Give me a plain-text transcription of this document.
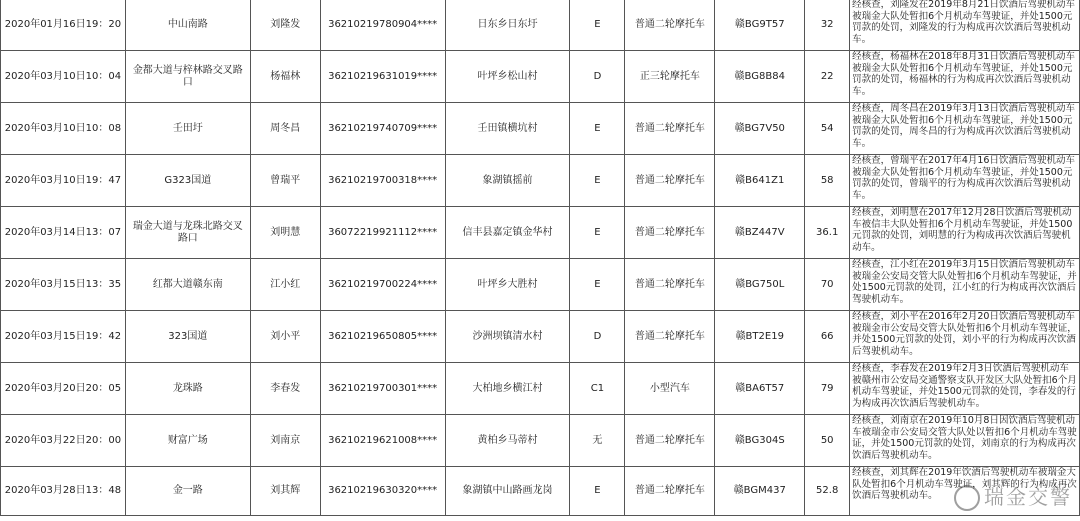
2020年01月16日19：20	中山南路	刘隆发	36210219780904****	日东乡日东圩	E	普通二轮摩托车	赣BG9T57	32	经核查，刘隆发在2019年8月21日饮酒后驾驶机动车被瑞金大队处暂扣6个月机动车驾驶证，并处1500元罚款的处罚，刘隆发的行为构成再次饮酒后驾驶机动车。
2020年03月10日10：04	金都大道与梓林路交叉路口	杨福林	36210219631019****	叶坪乡松山村	D	正三轮摩托车	赣BG8B84	22	经核查，杨福林在2018年8月31日饮酒后驾驶机动车被瑞金大队处暂扣6个月机动车驾驶证，并处1500元罚款的处罚，杨福林的行为构成再次饮酒后驾驶机动车。
2020年03月10日10：08	壬田圩	周冬昌	36210219740709****	壬田镇横坑村	E	普通二轮摩托车	赣BG7V50	54	经核查，周冬昌在2019年3月13日饮酒后驾驶机动车被瑞金大队处暂扣6个月机动车驾驶证，并处1500元罚款的处罚，周冬昌的行为构成再次饮酒后驾驶机动车。
2020年03月10日19：47	G323国道	曾瑞平	36210219700318****	象湖镇摇前	E	普通二轮摩托车	赣B641Z1	58	经核查，曾瑞平在2017年4月16日饮酒后驾驶机动车被瑞金大队处暂扣6个月机动车驾驶证，并处1500元罚款的处罚，曾瑞平的行为构成再次饮酒后驾驶机动车。
2020年03月14日13：07	瑞金大道与龙珠北路交叉路口	刘明慧	36072219921112****	信丰县嘉定镇金华村	E	普通二轮摩托车	赣BZ447V	36.1	经核查，刘明慧在2017年12月28日饮酒后驾驶机动车被信丰大队处暂扣6个月机动车驾驶证，并处1500元罚款的处罚，刘明慧的行为构成再次饮酒后驾驶机动车。
2020年03月15日13：35	红都大道赣东南	江小红	36210219700224****	叶坪乡大胜村	E	普通二轮摩托车	赣BG750L	70	经核查，江小红在2019年3月15日饮酒后驾驶机动车被瑞金公安局交管大队处暂扣6个月机动车驾驶证，并处1500元罚款的处罚，江小红的行为构成再次饮酒后驾驶机动车。
2020年03月15日19：42	323国道	刘小平	36210219650805****	沙洲坝镇清水村	D	普通二轮摩托车	赣BT2E19	66	经核查，刘小平在2016年2月20日饮酒后驾驶机动车被瑞金市公安局交管大队处暂扣6个月机动车驾驶证，并处1500元罚款的处罚，刘小平的行为构成再次饮酒后驾驶机动车。
2020年03月20日20：05	龙珠路	李春发	36210219700301****	大柏地乡横江村	C1	小型汽车	赣BA6T57	79	经核查，李春发在2019年2月3日饮酒后驾驶机动车被赣州市公安局交通警察支队开发区大队处暂扣6个月机动车驾驶证，并处1500元罚款的处罚，李春发的行为构成再次饮酒后驾驶机动车。
2020年03月22日20：00	财富广场	刘南京	36210219621008****	黄柏乡马蒂村	无	普通二轮摩托车	赣BG304S	50	经核查，刘南京在2019年10月8日因饮酒后驾驶机动车被瑞金市公安局交管大队处以暂扣6个月机动车驾驶证，并处1500元罚款的处罚，刘南京的行为构成再次饮酒后驾驶机动车。
2020年03月28日13：48	金一路	刘其辉	36210219630320****	象湖镇中山路画龙岗	E	普通二轮摩托车	赣BGM437	52.8	经核查，刘其辉在2019年饮酒后驾驶机动车被瑞金大队处暂扣6个月机动车驾驶证，刘其辉的行为构成再次饮酒后驾驶机动车。	瑞金交警
